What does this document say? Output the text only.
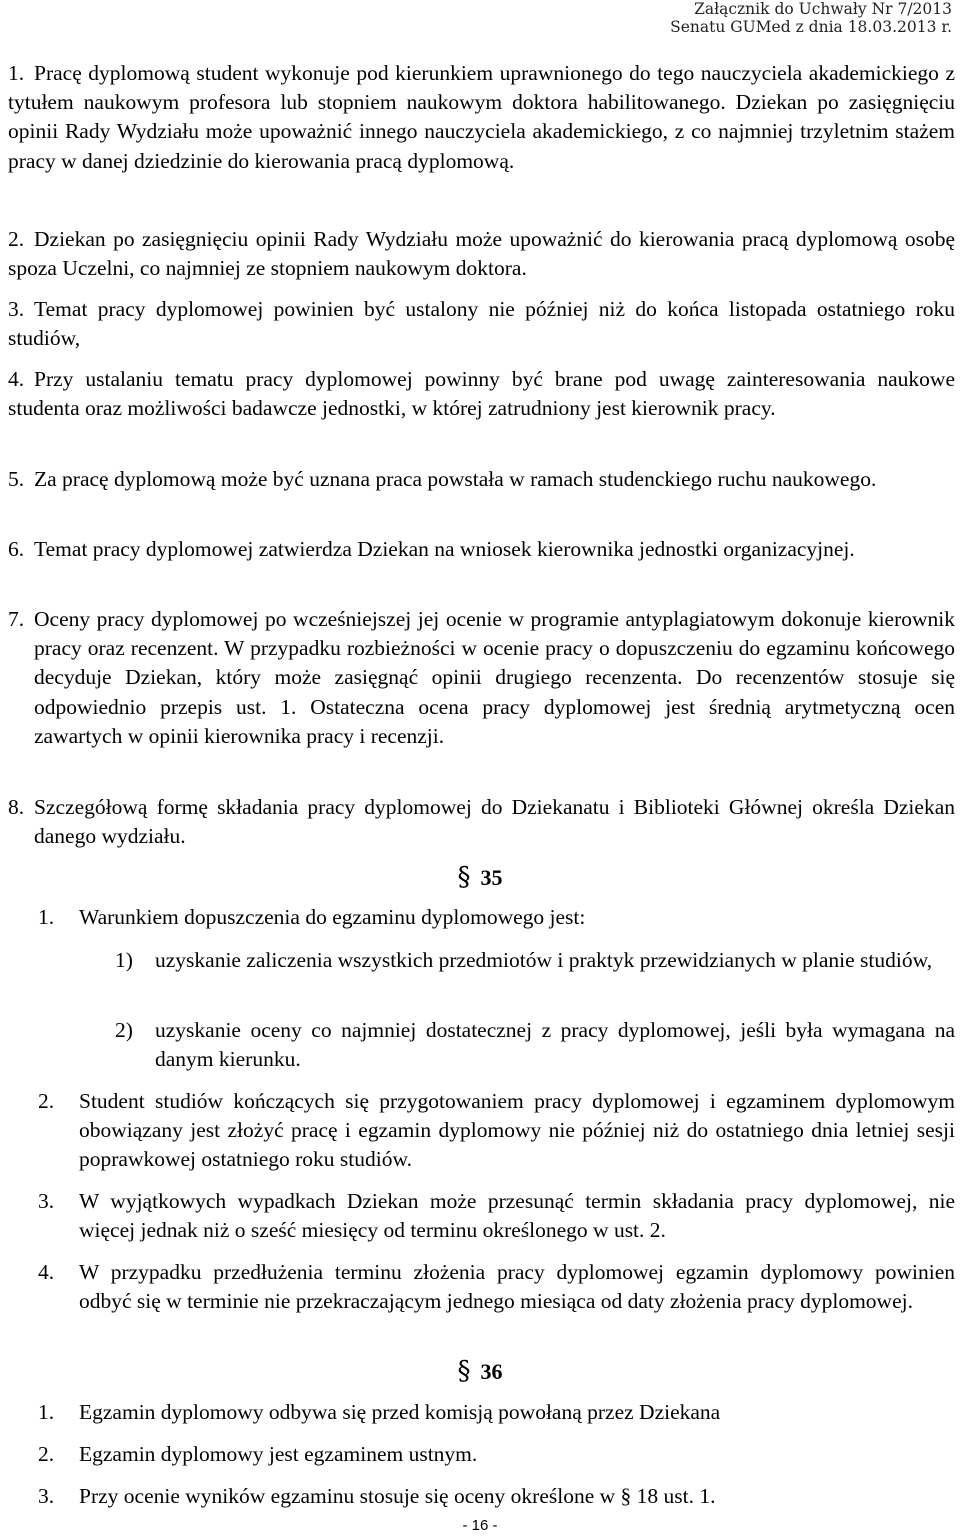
Załącznik do Uchwały Nr 7/2013
Senatu GUMed z dnia 18.03.2013 r.
1. Pracę dyplomową student wykonuje pod kierunkiem uprawnionego do tego nauczyciela akademickiego z tytułem naukowym profesora lub stopniem naukowym doktora habilitowanego. Dziekan po zasięgnięciu opinii Rady Wydziału może upoważnić innego nauczyciela akademickiego, z co najmniej trzyletnim stażem pracy w danej dziedzinie do kierowania pracą dyplomową.
2. Dziekan po zasięgnięciu opinii Rady Wydziału może upoważnić do kierowania pracą dyplomową osobę spoza Uczelni, co najmniej ze stopniem naukowym doktora.
3. Temat pracy dyplomowej powinien być ustalony nie później niż do końca listopada ostatniego roku studiów,
4. Przy ustalaniu tematu pracy dyplomowej powinny być brane pod uwagę zainteresowania naukowe studenta oraz możliwości badawcze jednostki, w której zatrudniony jest kierownik pracy.
5. Za pracę dyplomową może być uznana praca powstała w ramach studenckiego ruchu naukowego.
6. Temat pracy dyplomowej zatwierdza Dziekan na wniosek kierownika jednostki organizacyjnej.
7. Oceny pracy dyplomowej po wcześniejszej jej ocenie w programie antyplagiatowym dokonuje kierownik pracy oraz recenzent. W przypadku rozbieżności w ocenie pracy o dopuszczeniu do egzaminu końcowego decyduje Dziekan, który może zasięgnąć opinii drugiego recenzenta. Do recenzentów stosuje się odpowiednio przepis ust. 1. Ostateczna ocena pracy dyplomowej jest średnią arytmetyczną ocen zawartych w opinii kierownika pracy i recenzji.
8. Szczegółową formę składania pracy dyplomowej do Dziekanatu i Biblioteki Głównej określa Dziekan danego wydziału.
§ 35
1.	Warunkiem dopuszczenia do egzaminu dyplomowego jest:
1)	uzyskanie zaliczenia wszystkich przedmiotów i praktyk przewidzianych w planie studiów,
2)	uzyskanie oceny co najmniej dostatecznej z pracy dyplomowej, jeśli była wymagana na danym kierunku.
2.	Student studiów kończących się przygotowaniem pracy dyplomowej i egzaminem dyplomowym obowiązany jest złożyć pracę i egzamin dyplomowy nie później niż do ostatniego dnia letniej sesji poprawkowej ostatniego roku studiów.
3.	W wyjątkowych wypadkach Dziekan może przesunąć termin składania pracy dyplomowej, nie więcej jednak niż o sześć miesięcy od terminu określonego w ust. 2.
4.	W przypadku przedłużenia terminu złożenia pracy dyplomowej egzamin dyplomowy powinien odbyć się w terminie nie przekraczającym jednego miesiąca od daty złożenia pracy dyplomowej.
§ 36
1.	Egzamin dyplomowy odbywa się przed komisją powołaną przez Dziekana
2.	Egzamin dyplomowy jest egzaminem ustnym.
3.	Przy ocenie wyników egzaminu stosuje się oceny określone w § 18 ust. 1.
- 16 -
